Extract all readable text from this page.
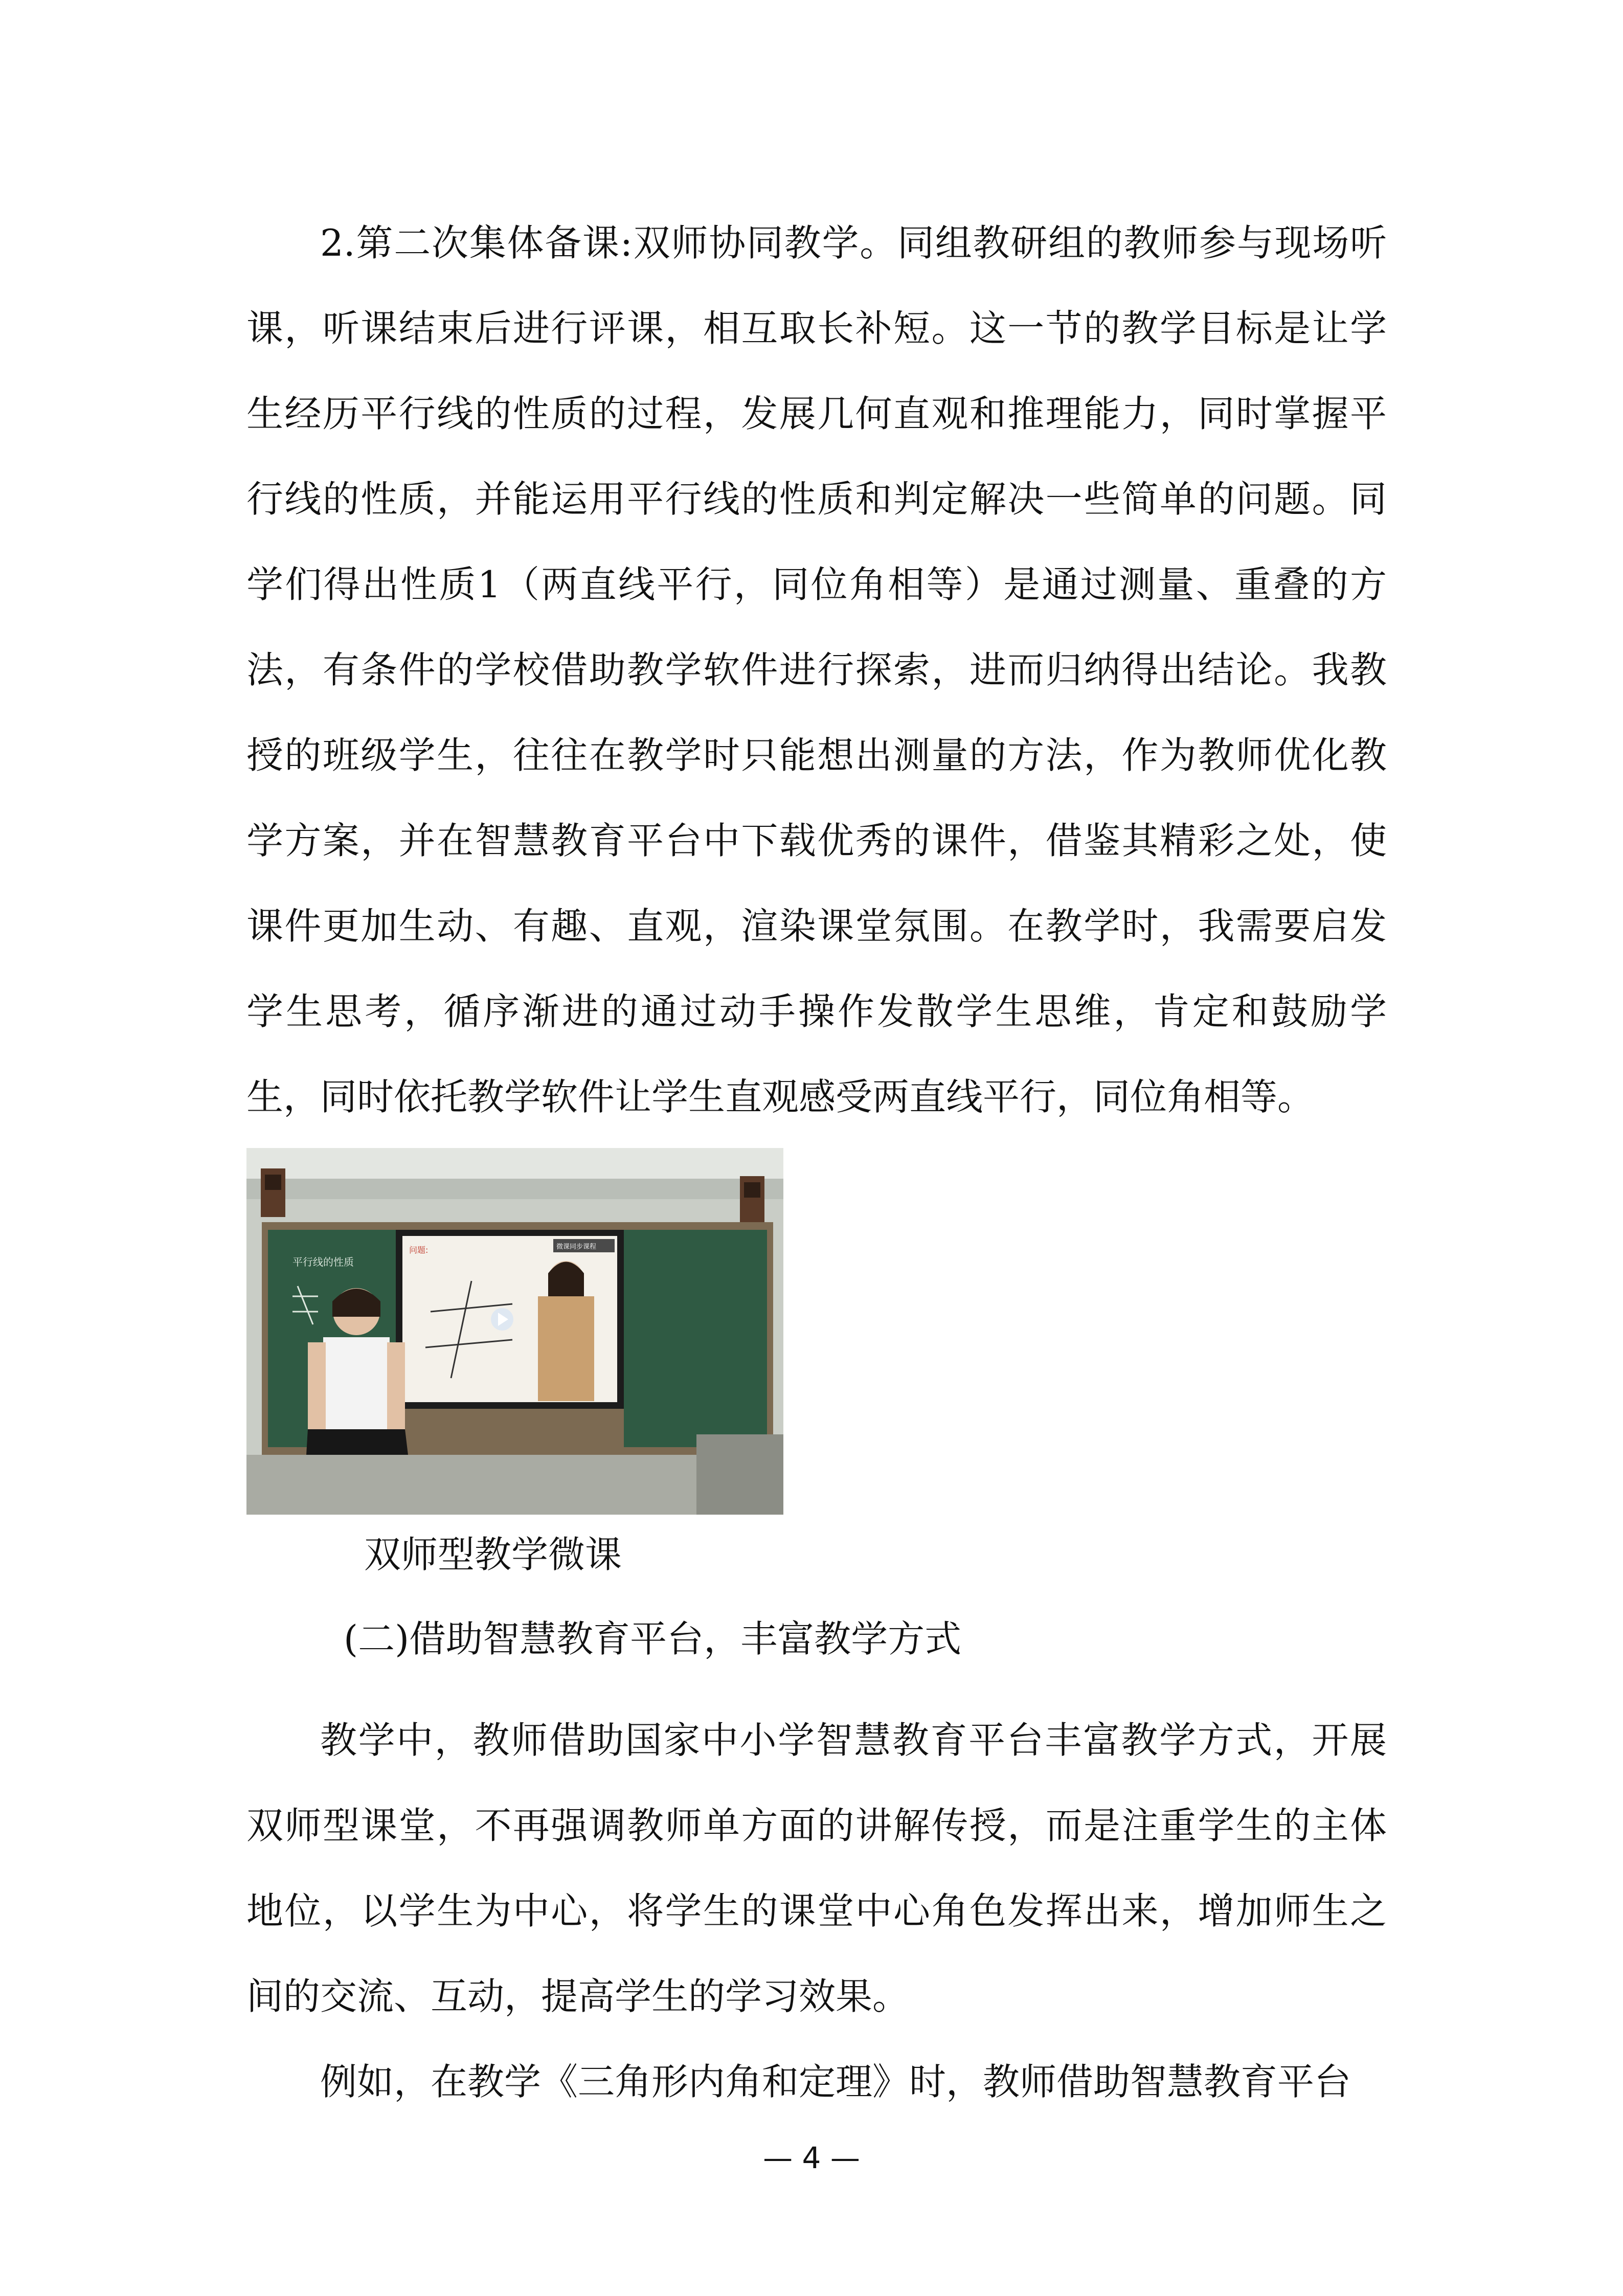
2.第二次集体备课:双师协同教学。同组教研组的教师参与现场听课，听课结束后进行评课，相互取长补短。这一节的教学目标是让学生经历平行线的性质的过程，发展几何直观和推理能力，同时掌握平行线的性质，并能运用平行线的性质和判定解决一些简单的问题。同学们得出性质1（两直线平行，同位角相等）是通过测量、重叠的方法，有条件的学校借助教学软件进行探索，进而归纳得出结论。我教授的班级学生，往往在教学时只能想出测量的方法，作为教师优化教学方案，并在智慧教育平台中下载优秀的课件，借鉴其精彩之处，使课件更加生动、有趣、直观，渲染课堂氛围。在教学时，我需要启发学生思考，循序渐进的通过动手操作发散学生思维，肯定和鼓励学生，同时依托教学软件让学生直观感受两直线平行，同位角相等。

平行线的性质
微课同步课程
问题:
双师型教学微课
(二)借助智慧教育平台，丰富教学方式

教学中，教师借助国家中小学智慧教育平台丰富教学方式，开展双师型课堂，不再强调教师单方面的讲解传授，而是注重学生的主体地位，以学生为中心，将学生的课堂中心角色发挥出来，增加师生之间的交流、互动，提高学生的学习效果。

例如，在教学《三角形内角和定理》时，教师借助智慧教育平台

— 4 —
